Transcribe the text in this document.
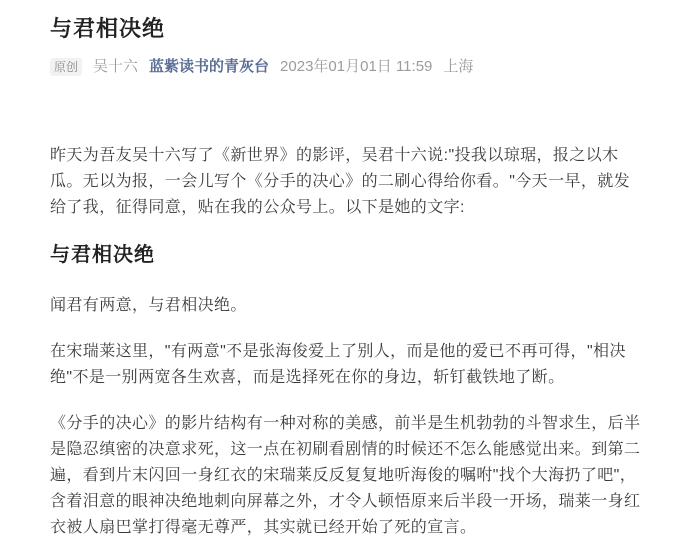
与君相决绝
原创 吴十六 蓝紫读书的青灰台 2023年01月01日 11:59 上海

昨天为吾友吴十六写了《新世界》的影评，吴君十六说:"投我以琼琚，报之以木瓜。无以为报，一会儿写个《分手的决心》的二刷心得给你看。"今天一早，就发给了我，征得同意，贴在我的公众号上。以下是她的文字:

与君相决绝

闻君有两意，与君相决绝。

在宋瑞莱这里，"有两意"不是张海俊爱上了别人，而是他的爱已不再可得，"相决绝"不是一别两宽各生欢喜，而是选择死在你的身边，斩钉截铁地了断。

《分手的决心》的影片结构有一种对称的美感，前半是生机勃勃的斗智求生，后半是隐忍缜密的决意求死，这一点在初刷看剧情的时候还不怎么能感觉出来。到第二遍，看到片末闪回一身红衣的宋瑞莱反反复复地听海俊的嘱咐"找个大海扔了吧"，含着泪意的眼神决绝地刺向屏幕之外，才令人顿悟原来后半段一开场，瑞莱一身红衣被人扇巴掌打得毫无尊严，其实就已经开始了死的宣言。
